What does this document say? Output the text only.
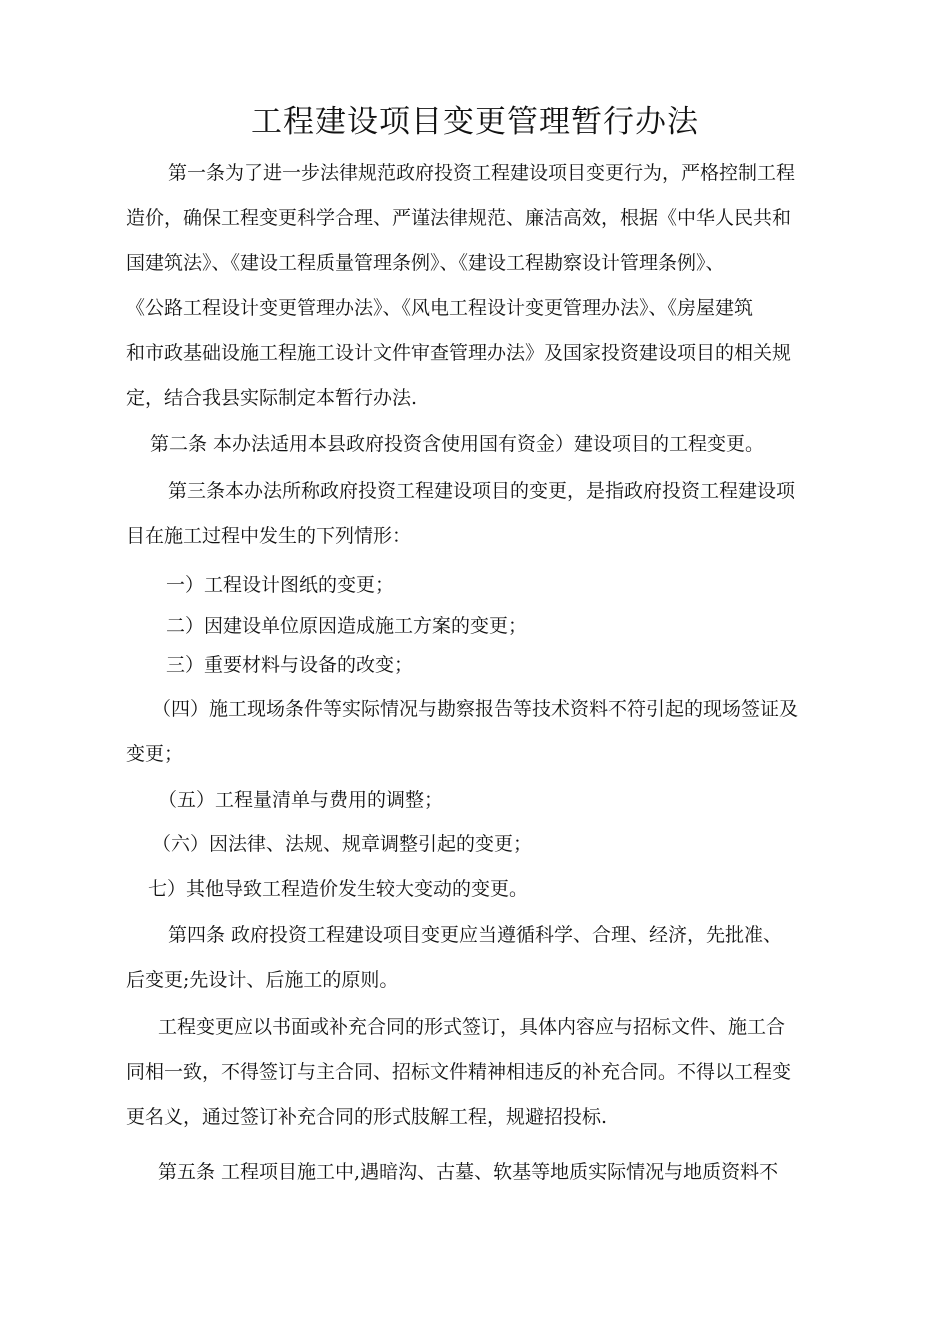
工程建设项目变更管理暂行办法
第一条为了进一步法律规范政府投资工程建设项目变更行为，严格控制工程
造价，确保工程变更科学合理、严谨法律规范、廉洁高效，根据《中华人民共和
国建筑法》、《建设工程质量管理条例》、《建设工程勘察设计管理条例》、
《公路工程设计变更管理办法》、《风电工程设计变更管理办法》、《房屋建筑
和市政基础设施工程施工设计文件审查管理办法》及国家投资建设项目的相关规
定，结合我县实际制定本暂行办法.
第二条 本办法适用本县政府投资含使用国有资金）建设项目的工程变更。
第三条本办法所称政府投资工程建设项目的变更，是指政府投资工程建设项
目在施工过程中发生的下列情形：
一）工程设计图纸的变更；
二）因建设单位原因造成施工方案的变更；
三）重要材料与设备的改变；
（四）施工现场条件等实际情况与勘察报告等技术资料不符引起的现场签证及
变更；
（五）工程量清单与费用的调整；
（六）因法律、法规、规章调整引起的变更；
七）其他导致工程造价发生较大变动的变更。
第四条 政府投资工程建设项目变更应当遵循科学、合理、经济，先批准、
后变更;先设计、后施工的原则。
工程变更应以书面或补充合同的形式签订，具体内容应与招标文件、施工合
同相一致，不得签订与主合同、招标文件精神相违反的补充合同。不得以工程变
更名义，通过签订补充合同的形式肢解工程，规避招投标.
第五条 工程项目施工中,遇暗沟、古墓、软基等地质实际情况与地质资料不
